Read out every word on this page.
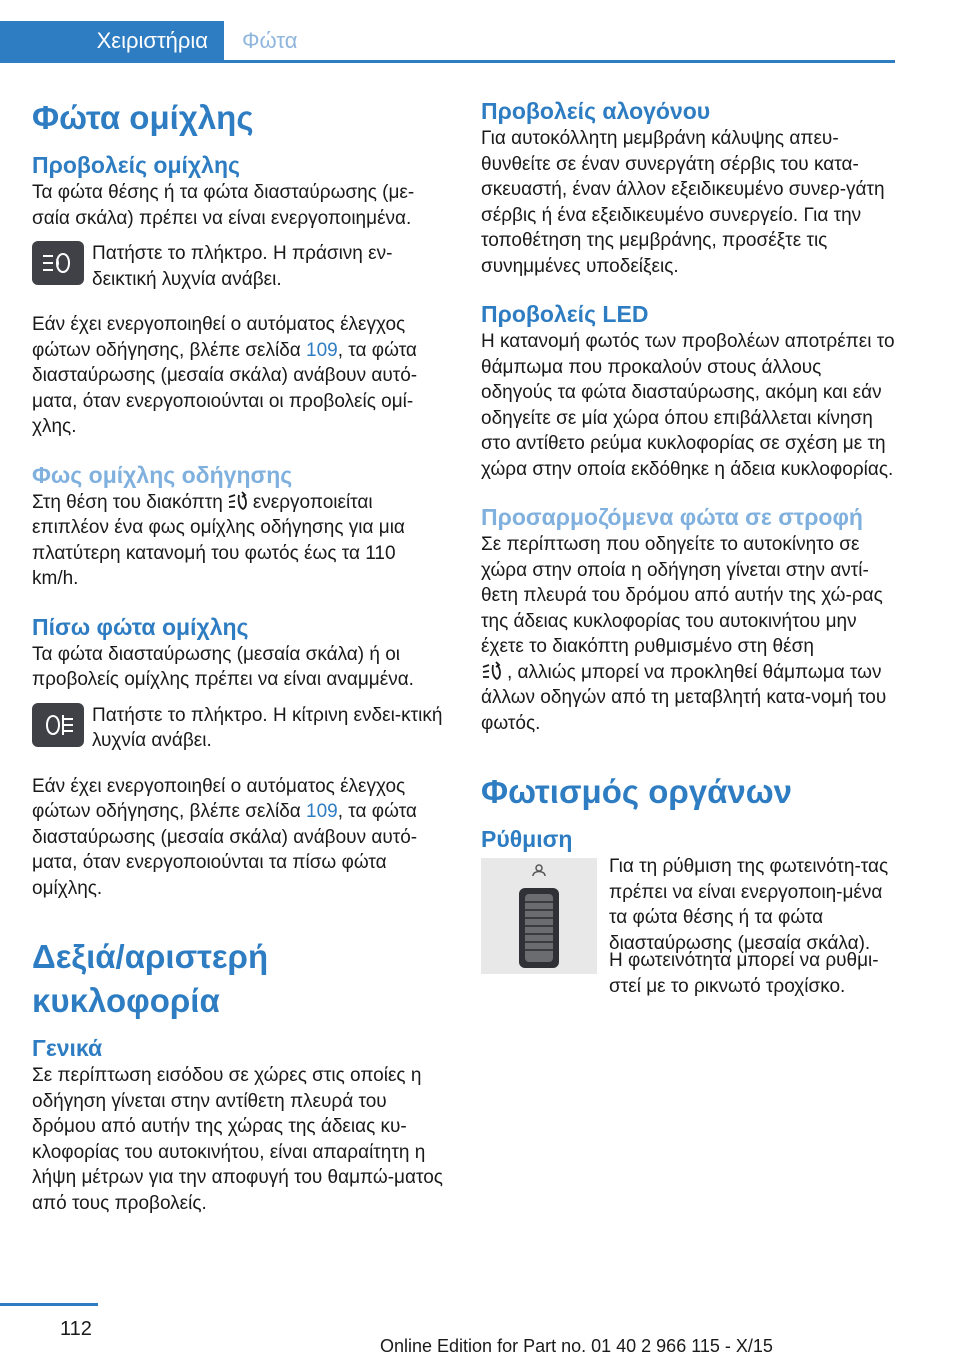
Χειριστήρια	Φώτα
Φώτα ομίχλης
Προβολείς ομίχλης

Τα φώτα θέσης ή τα φώτα διασταύρωσης (με-σαία σκάλα) πρέπει να είναι ενεργοποιημένα.

Πατήστε το πλήκτρο. Η πράσινη εν-δεικτική λυχνία ανάβει.

Εάν έχει ενεργοποιηθεί ο αυτόματος έλεγχος φώτων οδήγησης, βλέπε σελίδα 109, τα φώτα διασταύρωσης (μεσαία σκάλα) ανάβουν αυτό-ματα, όταν ενεργοποιούνται οι προβολείς ομί-χλης.

Φως ομίχλης οδήγησης

Στη θέση του διακόπτη ενεργοποιείται επιπλέον ένα φως ομίχλης οδήγησης για μια πλατύτερη κατανομή του φωτός έως τα 110 km/h.

Πίσω φώτα ομίχλης

Τα φώτα διασταύρωσης (μεσαία σκάλα) ή οι προβολείς ομίχλης πρέπει να είναι αναμμένα.

Πατήστε το πλήκτρο. Η κίτρινη ενδει-κτική λυχνία ανάβει.

Εάν έχει ενεργοποιηθεί ο αυτόματος έλεγχος φώτων οδήγησης, βλέπε σελίδα 109, τα φώτα διασταύρωσης (μεσαία σκάλα) ανάβουν αυτό-ματα, όταν ενεργοποιούνται τα πίσω φώτα ομίχλης.

Δεξιά/αριστερή κυκλοφορία
Γενικά

Σε περίπτωση εισόδου σε χώρες στις οποίες η οδήγηση γίνεται στην αντίθετη πλευρά του δρόμου από αυτήν της χώρας της άδειας κυ-κλοφορίας του αυτοκινήτου, είναι απαραίτητη η λήψη μέτρων για την αποφυγή του θαμπώ-ματος από τους προβολείς.

Προβολείς αλογόνου

Για αυτοκόλλητη μεμβράνη κάλυψης απευ-θυνθείτε σε έναν συνεργάτη σέρβις του κατα-σκευαστή, έναν άλλον εξειδικευμένο συνερ-γάτη σέρβις ή ένα εξειδικευμένο συνεργείο. Για την τοποθέτηση της μεμβράνης, προσέξτε τις συνημμένες υποδείξεις.

Προβολείς LED

Η κατανομή φωτός των προβολέων αποτρέπει το θάμπωμα που προκαλούν στους άλλους οδηγούς τα φώτα διασταύρωσης, ακόμη και εάν οδηγείτε σε μία χώρα όπου επιβάλλεται κίνηση στο αντίθετο ρεύμα κυκλοφορίας σε σχέση με τη χώρα στην οποία εκδόθηκε η άδεια κυκλοφορίας.

Προσαρμοζόμενα φώτα σε στροφή

Σε περίπτωση που οδηγείτε το αυτοκίνητο σε χώρα στην οποία η οδήγηση γίνεται στην αντί-θετη πλευρά του δρόμου από αυτήν της χώ-ρας της άδειας κυκλοφορίας του αυτοκινήτου μην έχετε το διακόπτη ρυθμισμένο στη θέση
, αλλιώς μπορεί να προκληθεί θάμπωμα των άλλων οδηγών από τη μεταβλητή κατα-νομή του φωτός.

Φωτισμός οργάνων
Ρύθμιση

Για τη ρύθμιση της φωτεινότη-τας πρέπει να είναι ενεργοποιη-μένα τα φώτα θέσης ή τα φώτα διασταύρωσης (μεσαία σκάλα).

Η φωτεινότητα μπορεί να ρυθμι-στεί με το ρικνωτό τροχίσκο.

112
Online Edition for Part no. 01 40 2 966 115 - X/15
